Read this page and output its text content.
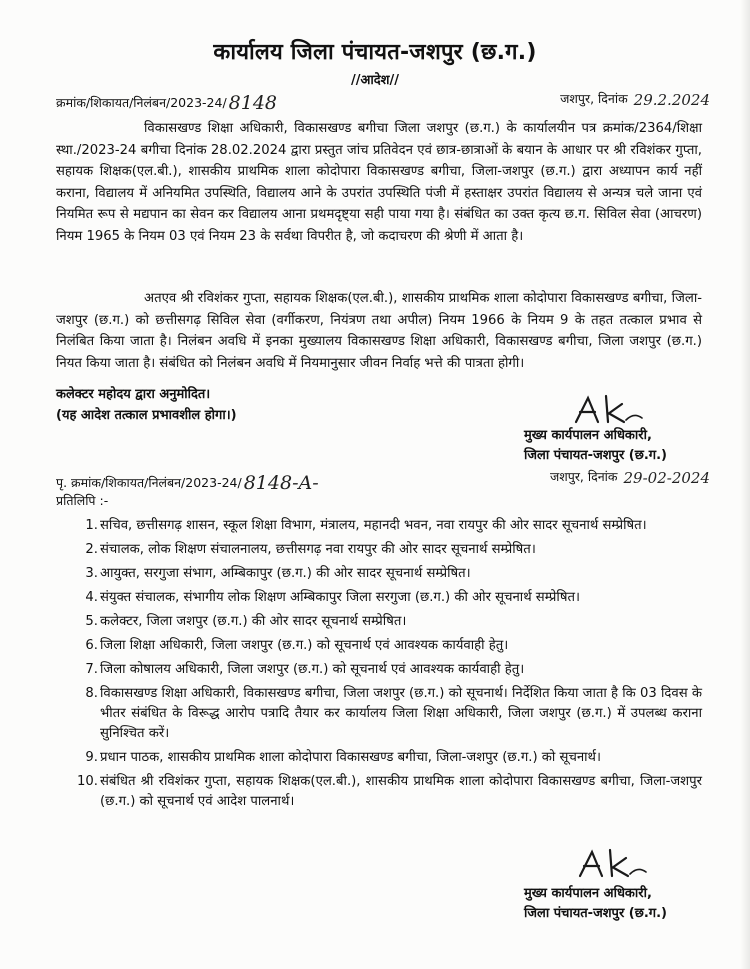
कार्यालय जिला पंचायत-जशपुर (छ.ग.)
//आदेश//
क्रमांक/शिकायत/निलंबन/2023-24/ 8148	जशपुर, दिनांक 29.2.2024

विकासखण्ड शिक्षा अधिकारी, विकासखण्ड बगीचा जिला जशपुर (छ.ग.) के कार्यालयीन पत्र क्रमांक/2364/शिक्षा स्था./2023-24 बगीचा दिनांक 28.02.2024 द्वारा प्रस्तुत जांच प्रतिवेदन एवं छात्र-छात्राओं के बयान के आधार पर श्री रविशंकर गुप्ता, सहायक शिक्षक(एल.बी.), शासकीय प्राथमिक शाला कोदोपारा विकासखण्ड बगीचा, जिला-जशपुर (छ.ग.) द्वारा अध्यापन कार्य नहीं कराना, विद्यालय में अनियमित उपस्थिति, विद्यालय आने के उपरांत उपस्थिति पंजी में हस्ताक्षर उपरांत विद्यालय से अन्यत्र चले जाना एवं नियमित रूप से मद्यपान का सेवन कर विद्यालय आना प्रथमदृष्ट्या सही पाया गया है। संबंधित का उक्त कृत्य छ.ग. सिविल सेवा (आचरण) नियम 1965 के नियम 03 एवं नियम 23 के सर्वथा विपरीत है, जो कदाचरण की श्रेणी में आता है।

अतएव श्री रविशंकर गुप्ता, सहायक शिक्षक(एल.बी.), शासकीय प्राथमिक शाला कोदोपारा विकासखण्ड बगीचा, जिला-जशपुर (छ.ग.) को छत्तीसगढ़ सिविल सेवा (वर्गीकरण, नियंत्रण तथा अपील) नियम 1966 के नियम 9 के तहत तत्काल प्रभाव से निलंबित किया जाता है। निलंबन अवधि में इनका मुख्यालय विकासखण्ड शिक्षा अधिकारी, विकासखण्ड बगीचा, जिला जशपुर (छ.ग.) नियत किया जाता है। संबंधित को निलंबन अवधि में नियमानुसार जीवन निर्वाह भत्ते की पात्रता होगी।

कलेक्टर महोदय द्वारा अनुमोदित।
(यह आदेश तत्काल प्रभावशील होगा।)
मुख्य कार्यपालन अधिकारी,
जिला पंचायत-जशपुर (छ.ग.)
पृ. क्रमांक/शिकायत/निलंबन/2023-24/ 8148-A-	जशपुर, दिनांक 29-02-2024
प्रतिलिपि :-
1. सचिव, छत्तीसगढ़ शासन, स्कूल शिक्षा विभाग, मंत्रालय, महानदी भवन, नवा रायपुर की ओर सादर सूचनार्थ सम्प्रेषित।
2. संचालक, लोक शिक्षण संचालनालय, छत्तीसगढ़ नवा रायपुर की ओर सादर सूचनार्थ सम्प्रेषित।
3. आयुक्त, सरगुजा संभाग, अम्बिकापुर (छ.ग.) की ओर सादर सूचनार्थ सम्प्रेषित।
4. संयुक्त संचालक, संभागीय लोक शिक्षण अम्बिकापुर जिला सरगुजा (छ.ग.) की ओर सूचनार्थ सम्प्रेषित।
5. कलेक्टर, जिला जशपुर (छ.ग.) की ओर सादर सूचनार्थ सम्प्रेषित।
6. जिला शिक्षा अधिकारी, जिला जशपुर (छ.ग.) को सूचनार्थ एवं आवश्यक कार्यवाही हेतु।
7. जिला कोषालय अधिकारी, जिला जशपुर (छ.ग.) को सूचनार्थ एवं आवश्यक कार्यवाही हेतु।
8. विकासखण्ड शिक्षा अधिकारी, विकासखण्ड बगीचा, जिला जशपुर (छ.ग.) को सूचनार्थ। निर्देशित किया जाता है कि 03 दिवस के भीतर संबंधित के विरूद्ध आरोप पत्रादि तैयार कर कार्यालय जिला शिक्षा अधिकारी, जिला जशपुर (छ.ग.) में उपलब्ध कराना सुनिश्चित करें।
9. प्रधान पाठक, शासकीय प्राथमिक शाला कोदोपारा विकासखण्ड बगीचा, जिला-जशपुर (छ.ग.) को सूचनार्थ।
10. संबंधित श्री रविशंकर गुप्ता, सहायक शिक्षक(एल.बी.), शासकीय प्राथमिक शाला कोदोपारा विकासखण्ड बगीचा, जिला-जशपुर (छ.ग.) को सूचनार्थ एवं आदेश पालनार्थ।
मुख्य कार्यपालन अधिकारी,
जिला पंचायत-जशपुर (छ.ग.)
